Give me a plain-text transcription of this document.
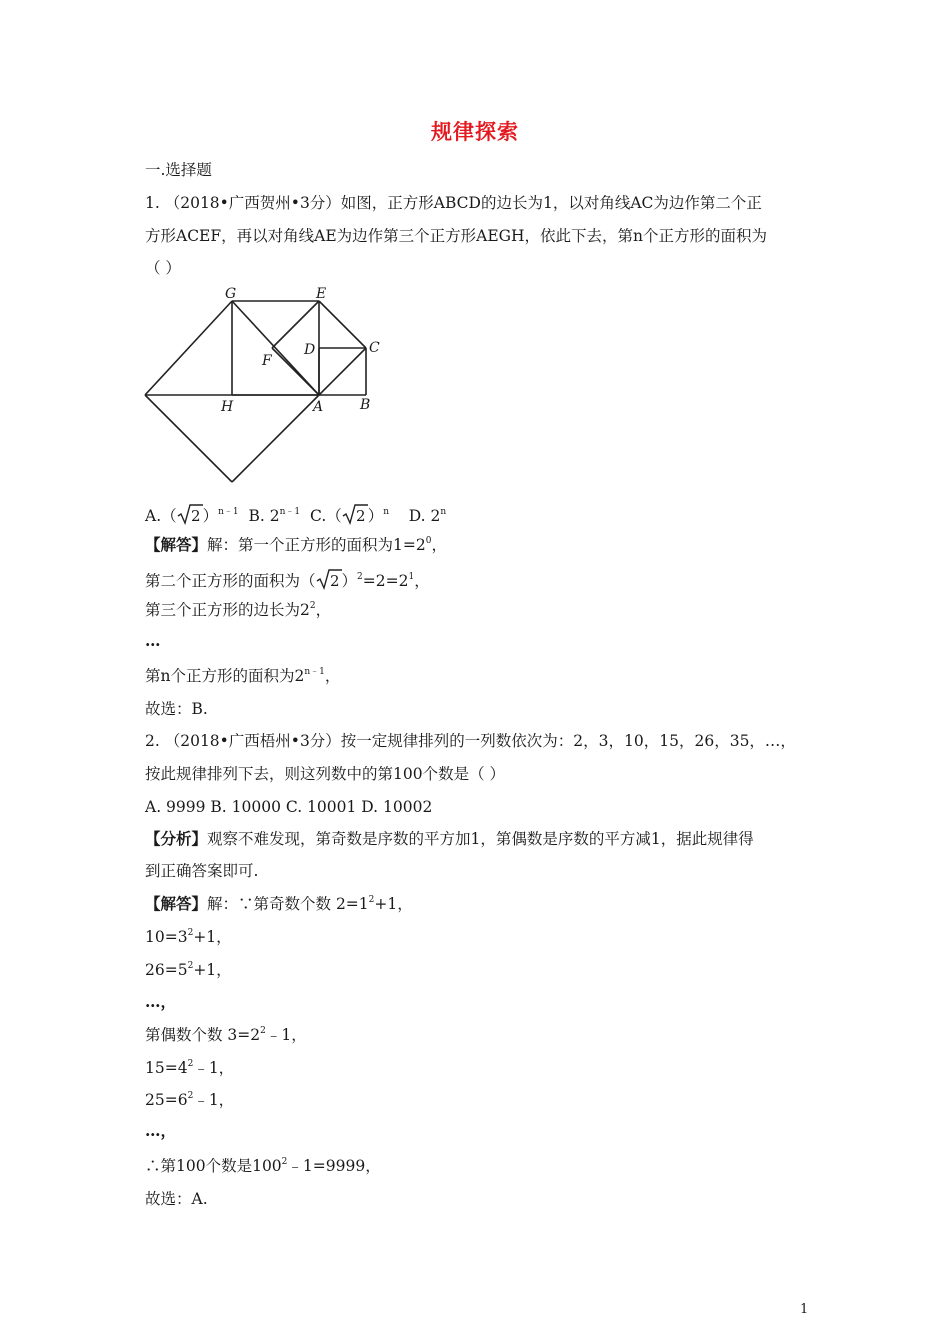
规律探索
一.选择题
1. （2018•广西贺州•3分）如图，正方形ABCD的边长为1，以对角线AC为边作第二个正
方形ACEF，再以对角线AE为边作第三个正方形AEGH，依此下去，第n个正方形的面积为
（ ）
G	E
D	C
F
H	A	B
A.（ 2 ）$^{n﹣1}$ B. $2^{n﹣1}$ C.（ 2 ）$^n$ D. 2$^n$
【解答】解：第一个正方形的面积为$1=2^0$，
第二个正方形的面积为（ 2 ）$^2=2=2^1$，
第三个正方形的边长为$2^2$，
…
第n个正方形的面积为$2^{n﹣1}$，
故选：B.
2. （2018•广西梧州•3分）按一定规律排列的一列数依次为：2，3，10，15，26，35，…，
按此规律排列下去，则这列数中的第100个数是（ ）
A. 9999 B. 10000 C. 10001 D. 10002
【分析】观察不难发现，第奇数是序数的平方加1，第偶数是序数的平方减1，据此规律得
到正确答案即可.
【解答】解：∵第奇数个数 $2=1^2+1$，
$10=3^2+1$，
$26=5^2+1$，
…，
第偶数个数 $3=2^2﹣1$，
$15=4^2﹣1$，
$25=6^2﹣1$，
…，
∴第100个数是$100^2﹣1=9999$，
故选：A.
1
